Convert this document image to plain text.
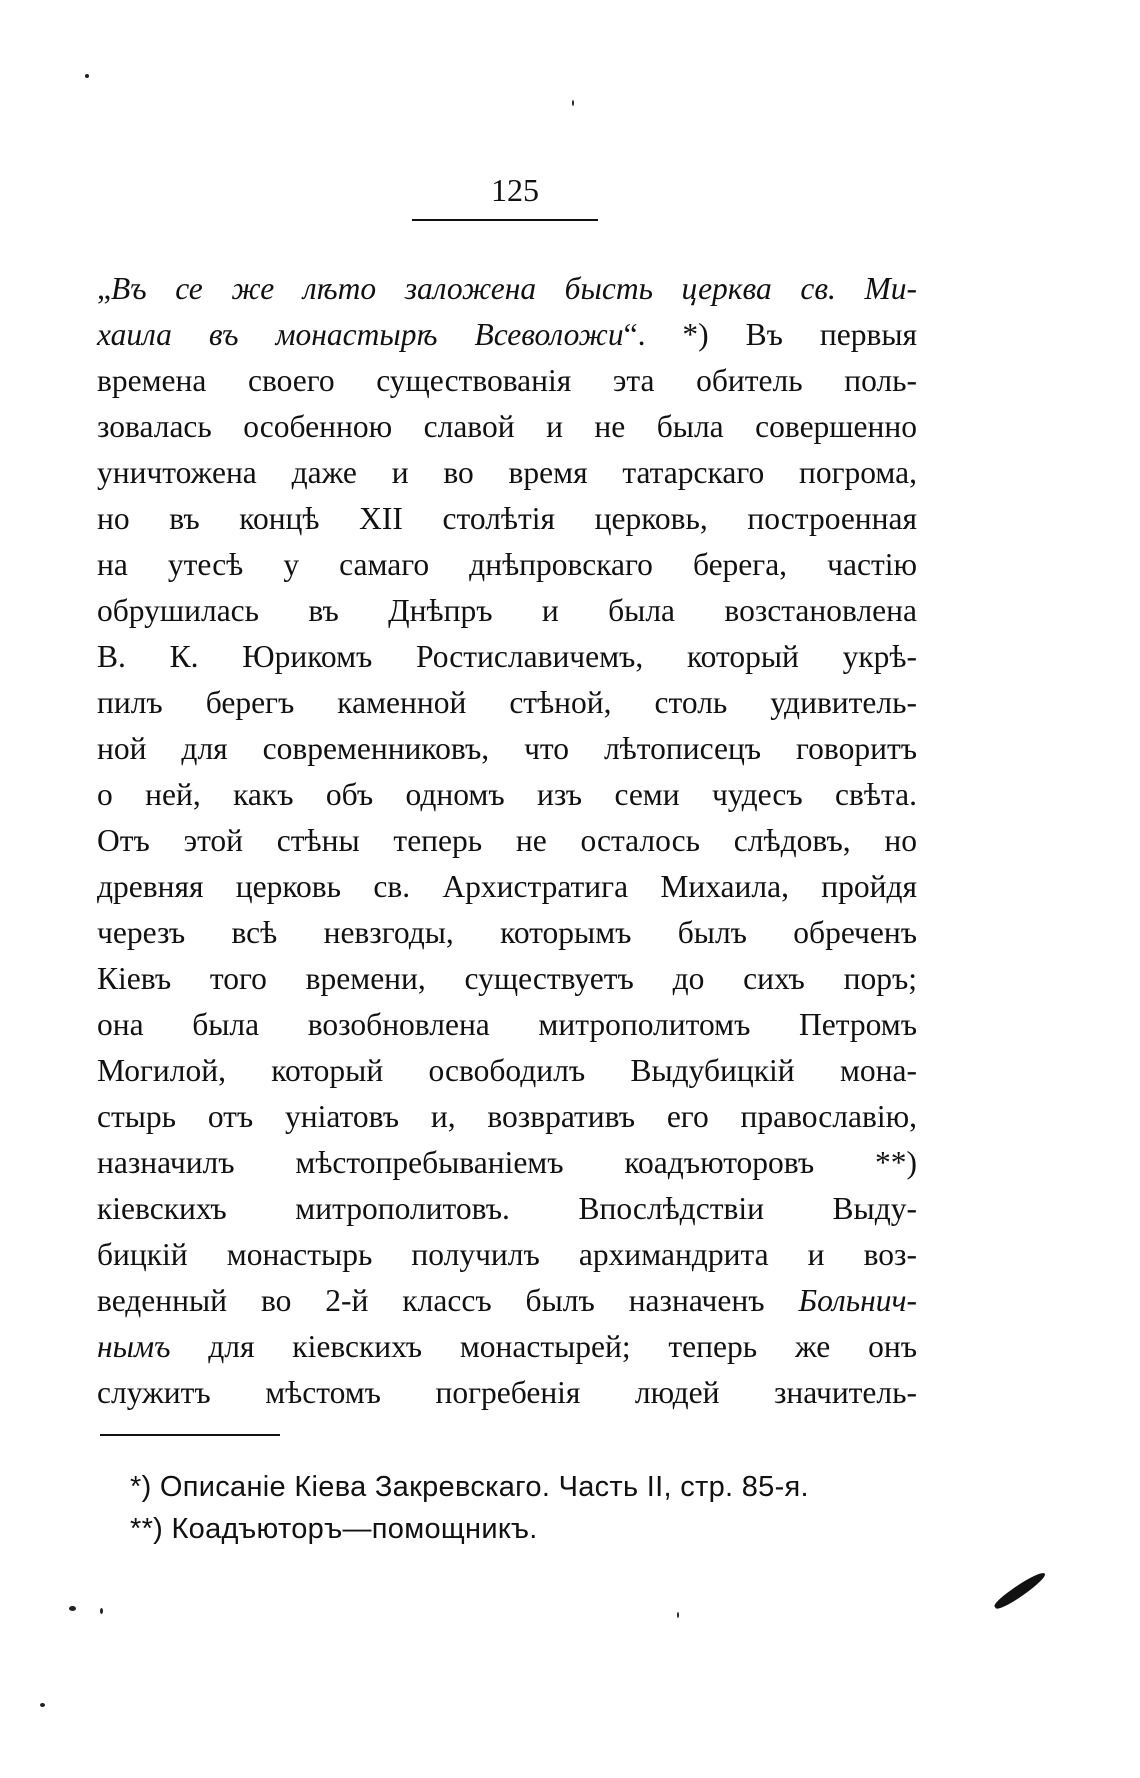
125
„Въ се же лѣто заложена бысть церква св. Ми-
хаила въ монастырѣ Всеволожи“. *) Въ первыя
времена своего существованія эта обитель поль-
зовалась особенною славой и не была совершенно
уничтожена даже и во время татарскаго погрома,
но въ концѣ XII столѣтія церковь, построенная
на утесѣ у самаго днѣпровскаго берега, частію
обрушилась въ Днѣпръ и была возстановлена
В. К. Юрикомъ Ростиславичемъ, который укрѣ-
пилъ берегъ каменной стѣной, столь удивитель-
ной для современниковъ, что лѣтописецъ говоритъ
о ней, какъ объ одномъ изъ семи чудесъ свѣта.
Отъ этой стѣны теперь не осталось слѣдовъ, но
древняя церковь св. Архистратига Михаила, пройдя
черезъ всѣ невзгоды, которымъ былъ обреченъ
Кіевъ того времени, существуетъ до сихъ поръ;
она была возобновлена митрополитомъ Петромъ
Могилой, который освободилъ Выдубицкій мона-
стырь отъ уніатовъ и, возвративъ его православію,
назначилъ мѣстопребываніемъ коадъюторовъ **)
кіевскихъ митрополитовъ. Впослѣдствіи Выду-
бицкій монастырь получилъ архимандрита и воз-
веденный во 2-й классъ былъ назначенъ Больнич-
нымъ для кіевскихъ монастырей; теперь же онъ
служитъ мѣстомъ погребенія людей значитель-
*) Описаніе Кіева Закревскаго. Часть II, стр. 85-я.
**) Коадъюторъ—помощникъ.
